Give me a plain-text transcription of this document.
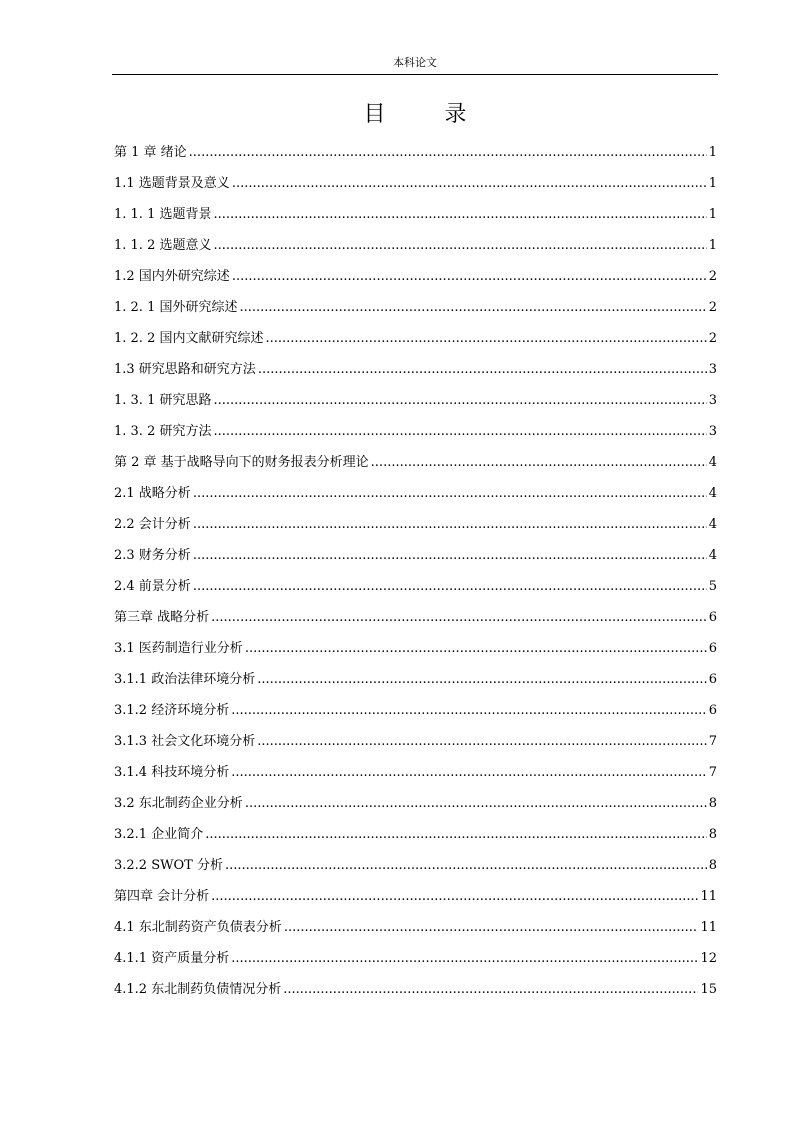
本科论文
目 录
第 1 章 绪论 .....	1
1.1 选题背景及意义 .....	1
1. 1. 1 选题背景 .....	1
1. 1. 2 选题意义 .....	1
1.2 国内外研究综述 .....	2
1. 2. 1 国外研究综述 .....	2
1. 2. 2 国内文献研究综述 .....	2
1.3 研究思路和研究方法 .....	3
1. 3. 1 研究思路 .....	3
1. 3. 2 研究方法 .....	3
第 2 章 基于战略导向下的财务报表分析理论 .....	4
2.1 战略分析 .....	4
2.2 会计分析 .....	4
2.3 财务分析 .....	4
2.4 前景分析 .....	5
第三章 战略分析 .....	6
3.1 医药制造行业分析 .....	6
3.1.1 政治法律环境分析 .....	6
3.1.2 经济环境分析 .....	6
3.1.3 社会文化环境分析 .....	7
3.1.4 科技环境分析 .....	7
3.2 东北制药企业分析 .....	8
3.2.1 企业简介 .....	8
3.2.2 SWOT 分析 .....	8
第四章 会计分析 .....	11
4.1 东北制药资产负债表分析 .....	11
4.1.1 资产质量分析 .....	12
4.1.2 东北制药负债情况分析 .....	15
